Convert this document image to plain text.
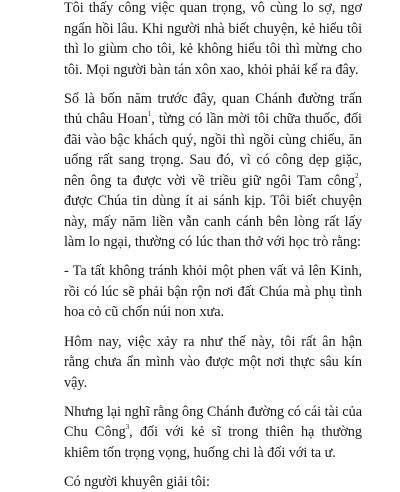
Tôi thấy công việc quan trọng, vô cùng lo sợ, ngơ ngẩn hồi lâu. Khi người nhà biết chuyện, kẻ hiểu tôi thì lo giùm cho tôi, kẻ không hiểu tôi thì mừng cho tôi. Mọi người bàn tán xôn xao, khỏi phải kể ra đây.

Số là bốn năm trước đây, quan Chánh đường trấn thủ châu Hoan$^1$, từng có lần mời tôi chữa thuốc, đối đãi vào bậc khách quý, ngồi thì ngồi cùng chiếu, ăn uống rất sang trọng. Sau đó, vì có công dẹp giặc, nên ông ta được vời về triều giữ ngôi Tam công$^2$, được Chúa tin dùng ít ai sánh kịp. Tôi biết chuyện này, mấy năm liền vẫn canh cánh bên lòng rất lấy làm lo ngại, thường có lúc than thở với học trò rằng:

- Ta tất không tránh khỏi một phen vất vả lên Kinh, rồi có lúc sẽ phải bận rộn nơi đất Chúa mà phụ tình hoa cỏ cũ chốn núi non xưa.

Hôm nay, việc xảy ra như thế này, tôi rất ân hận rằng chưa ẩn mình vào được một nơi thực sâu kín vậy.

Nhưng lại nghĩ rằng ông Chánh đường có cái tài của Chu Công$^3$, đối với kẻ sĩ trong thiên hạ thường khiêm tốn trọng vọng, huống chi là đối với ta ư.

Có người khuyên giải tôi:
